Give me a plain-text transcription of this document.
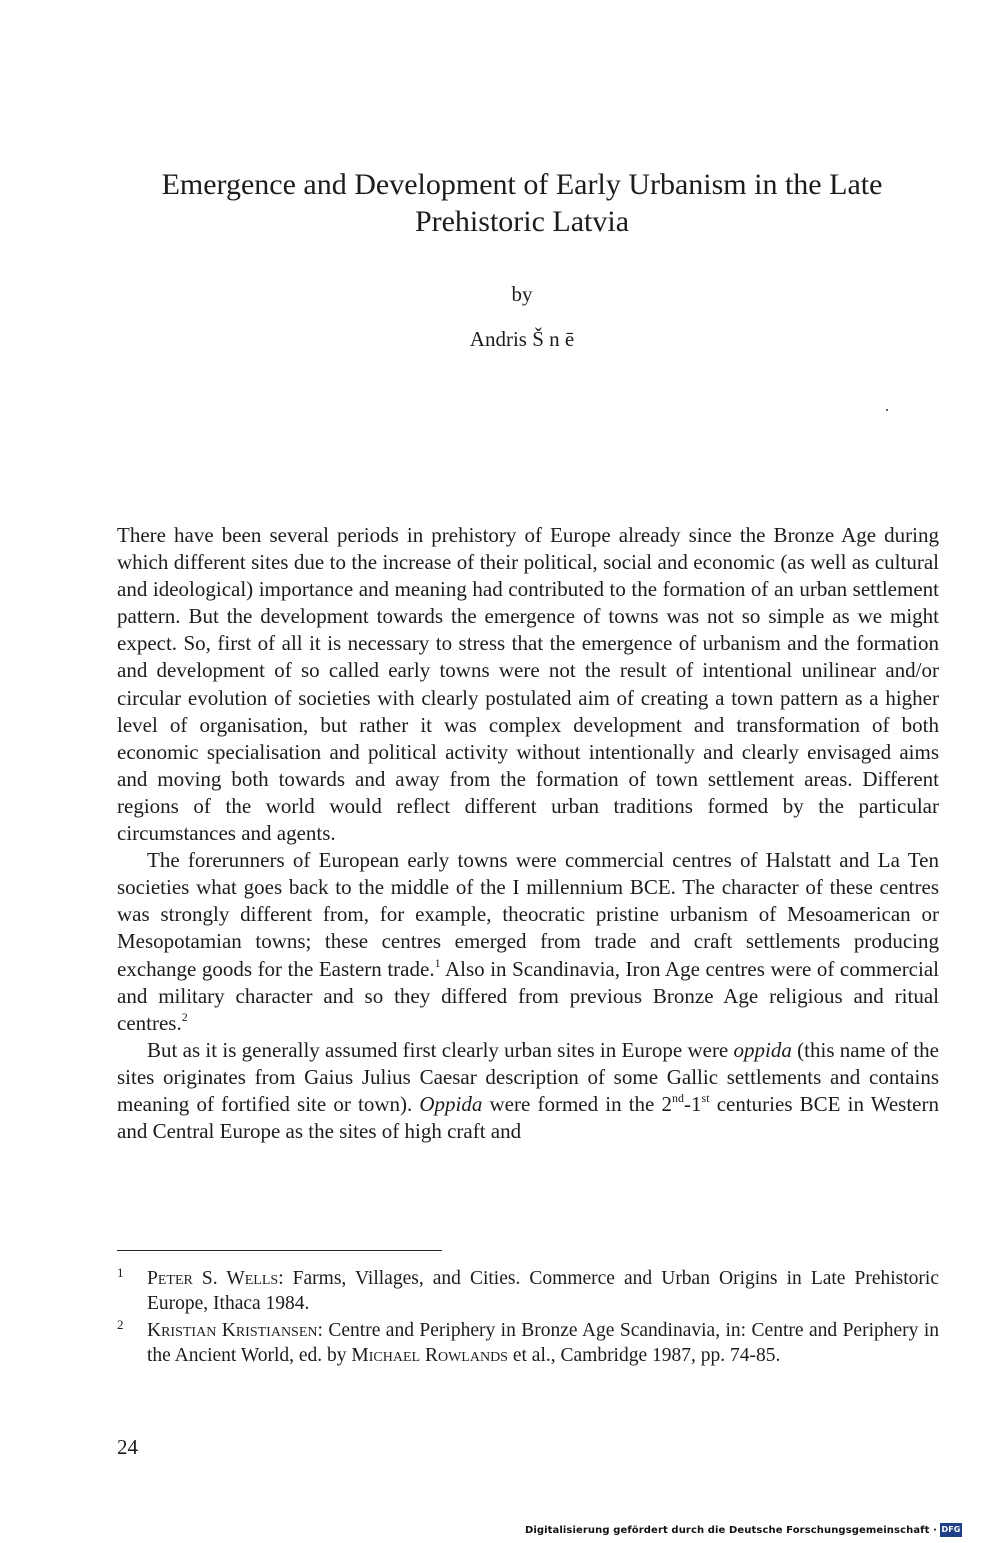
Emergence and Development of Early Urbanism in the Late Prehistoric Latvia
by
Andris Š n ē

There have been several periods in prehistory of Europe already since the Bronze Age during which different sites due to the increase of their political, social and economic (as well as cultural and ideological) importance and meaning had contributed to the formation of an urban settlement pattern. But the development towards the emergence of towns was not so simple as we might expect. So, first of all it is necessary to stress that the emergence of urbanism and the formation and development of so called early towns were not the result of intentional unilinear and/or circular evolution of societies with clearly postulated aim of creating a town pattern as a higher level of organisation, but rather it was complex development and transformation of both economic specialisation and political activity without intentionally and clearly envisaged aims and moving both towards and away from the formation of town settlement areas. Different regions of the world would reflect different urban traditions formed by the particular circumstances and agents.

The forerunners of European early towns were commercial centres of Halstatt and La Ten societies what goes back to the middle of the I millennium BCE. The character of these centres was strongly different from, for example, theocratic pristine urbanism of Mesoamerican or Mesopotamian towns; these centres emerged from trade and craft settlements producing exchange goods for the Eastern trade.$^1$ Also in Scandinavia, Iron Age centres were of commercial and military character and so they differed from previous Bronze Age religious and ritual centres.$^2$

But as it is generally assumed first clearly urban sites in Europe were oppida (this name of the sites originates from Gaius Julius Caesar description of some Gallic settlements and contains meaning of fortified site or town). Oppida were formed in the 2nd-1st centuries BCE in Western and Central Europe as the sites of high craft and

1 Peter S. Wells: Farms, Villages, and Cities. Commerce and Urban Origins in Late Prehistoric Europe, Ithaca 1984.

2 Kristian Kristiansen: Centre and Periphery in Bronze Age Scandinavia, in: Centre and Periphery in the Ancient World, ed. by Michael Rowlands et al., Cambridge 1987, pp. 74-85.

24
Digitalisierung gefördert durch die Deutsche Forschungsgemeinschaft · DFG
